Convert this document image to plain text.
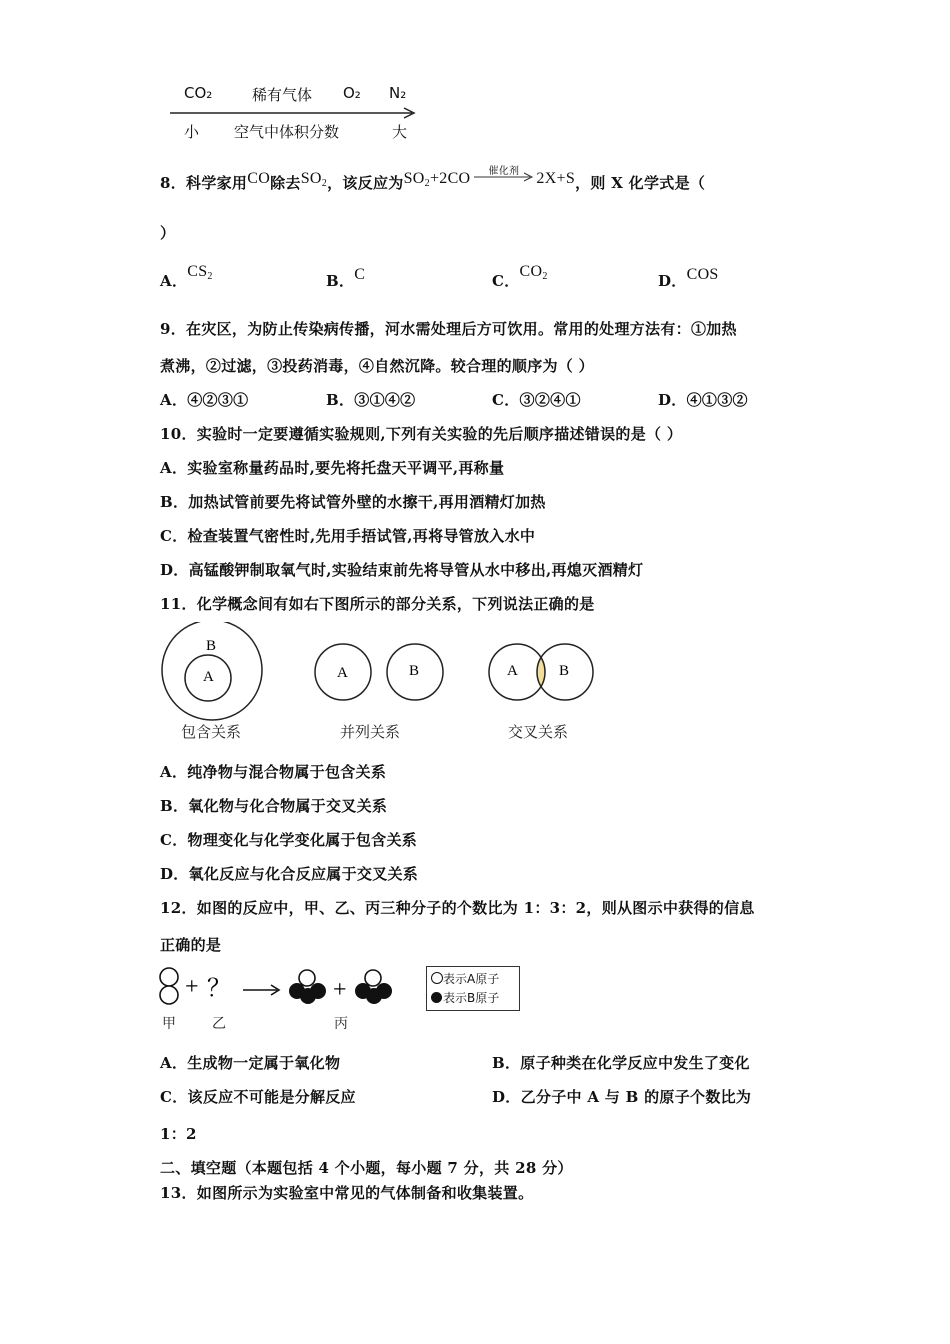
CO₂	稀有气体 O₂ N₂
小 空气中体积分数	大
8．科学家用CO除去$SO_2$，该反应为$SO_2+2CO$ 催化剂 2X+S，则 X 化学式是（
）
A．$CS_2$	B．C	C．$CO_2$	D．COS
9．在灾区，为防止传染病传播，河水需处理后方可饮用。常用的处理方法有：①加热
煮沸，②过滤，③投药消毒，④自然沉降。较合理的顺序为（ ）
A．④②③①	B．③①④②	C．③②④①	D．④①③②
10．实验时一定要遵循实验规则,下列有关实验的先后顺序描述错误的是（ ）
A．实验室称量药品时,要先将托盘天平调平,再称量
B．加热试管前要先将试管外壁的水擦干,再用酒精灯加热
C．检查装置气密性时,先用手捂试管,再将导管放入水中
D．高锰酸钾制取氧气时,实验结束前先将导管从水中移出,再熄灭酒精灯
11．化学概念间有如右下图所示的部分关系，下列说法正确的是
B
A	A	B	A	B
包含关系	并列关系	交叉关系
A．纯净物与混合物属于包含关系
B．氧化物与化合物属于交叉关系
C．物理变化与化学变化属于包含关系
D．氧化反应与化合反应属于交叉关系
12．如图的反应中，甲、乙、丙三种分子的个数比为 1：3：2，则从图示中获得的信息
正确的是
+ ？	+
甲	乙	丙
表示A原子
表示B原子
A．生成物一定属于氧化物	B．原子种类在化学反应中发生了变化
C．该反应不可能是分解反应	D．乙分子中 A 与 B 的原子个数比为
1：2
二、填空题（本题包括 4 个小题，每小题 7 分，共 28 分）
13．如图所示为实验室中常见的气体制备和收集装置。
